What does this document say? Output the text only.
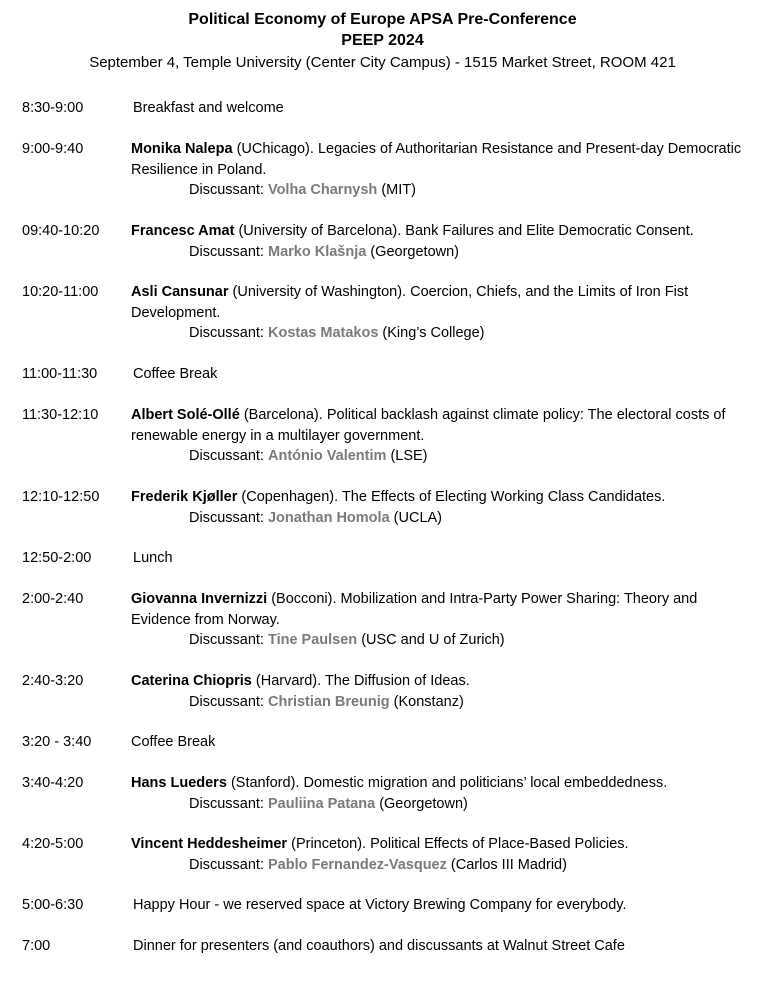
Political Economy of Europe APSA Pre-Conference
PEEP 2024
September 4, Temple University (Center City Campus) - 1515 Market Street, ROOM 421
8:30-9:00	Breakfast and welcome
9:00-9:40	Monika Nalepa (UChicago). Legacies of Authoritarian Resistance and Present-day Democratic Resilience in Poland.
Discussant: Volha Charnysh (MIT)
09:40-10:20 Francesc Amat (University of Barcelona). Bank Failures and Elite Democratic Consent.
Discussant: Marko Klašnja (Georgetown)
10:20-11:00 Asli Cansunar (University of Washington). Coercion, Chiefs, and the Limits of Iron Fist Development.
Discussant: Kostas Matakos (King’s College)
11:00-11:30 Coffee Break
11:30-12:10 Albert Solé-Ollé (Barcelona). Political backlash against climate policy: The electoral costs of renewable energy in a multilayer government.
Discussant: António Valentim (LSE)
12:10-12:50 Frederik Kjøller (Copenhagen). The Effects of Electing Working Class Candidates.
Discussant: Jonathan Homola (UCLA)
12:50-2:00	Lunch
2:00-2:40	Giovanna Invernizzi (Bocconi). Mobilization and Intra-Party Power Sharing: Theory and Evidence from Norway.
Discussant: Tine Paulsen (USC and U of Zurich)
2:40-3:20	Caterina Chiopris (Harvard). The Diffusion of Ideas.
Discussant: Christian Breunig (Konstanz)
3:20 - 3:40	Coffee Break
3:40-4:20	Hans Lueders (Stanford). Domestic migration and politicians’ local embeddedness.
Discussant: Pauliina Patana (Georgetown)
4:20-5:00	Vincent Heddesheimer (Princeton). Political Effects of Place-Based Policies.
Discussant: Pablo Fernandez-Vasquez (Carlos III Madrid)
5:00-6:30	Happy Hour - we reserved space at Victory Brewing Company for everybody.
7:00	Dinner for presenters (and coauthors) and discussants at Walnut Street Cafe
